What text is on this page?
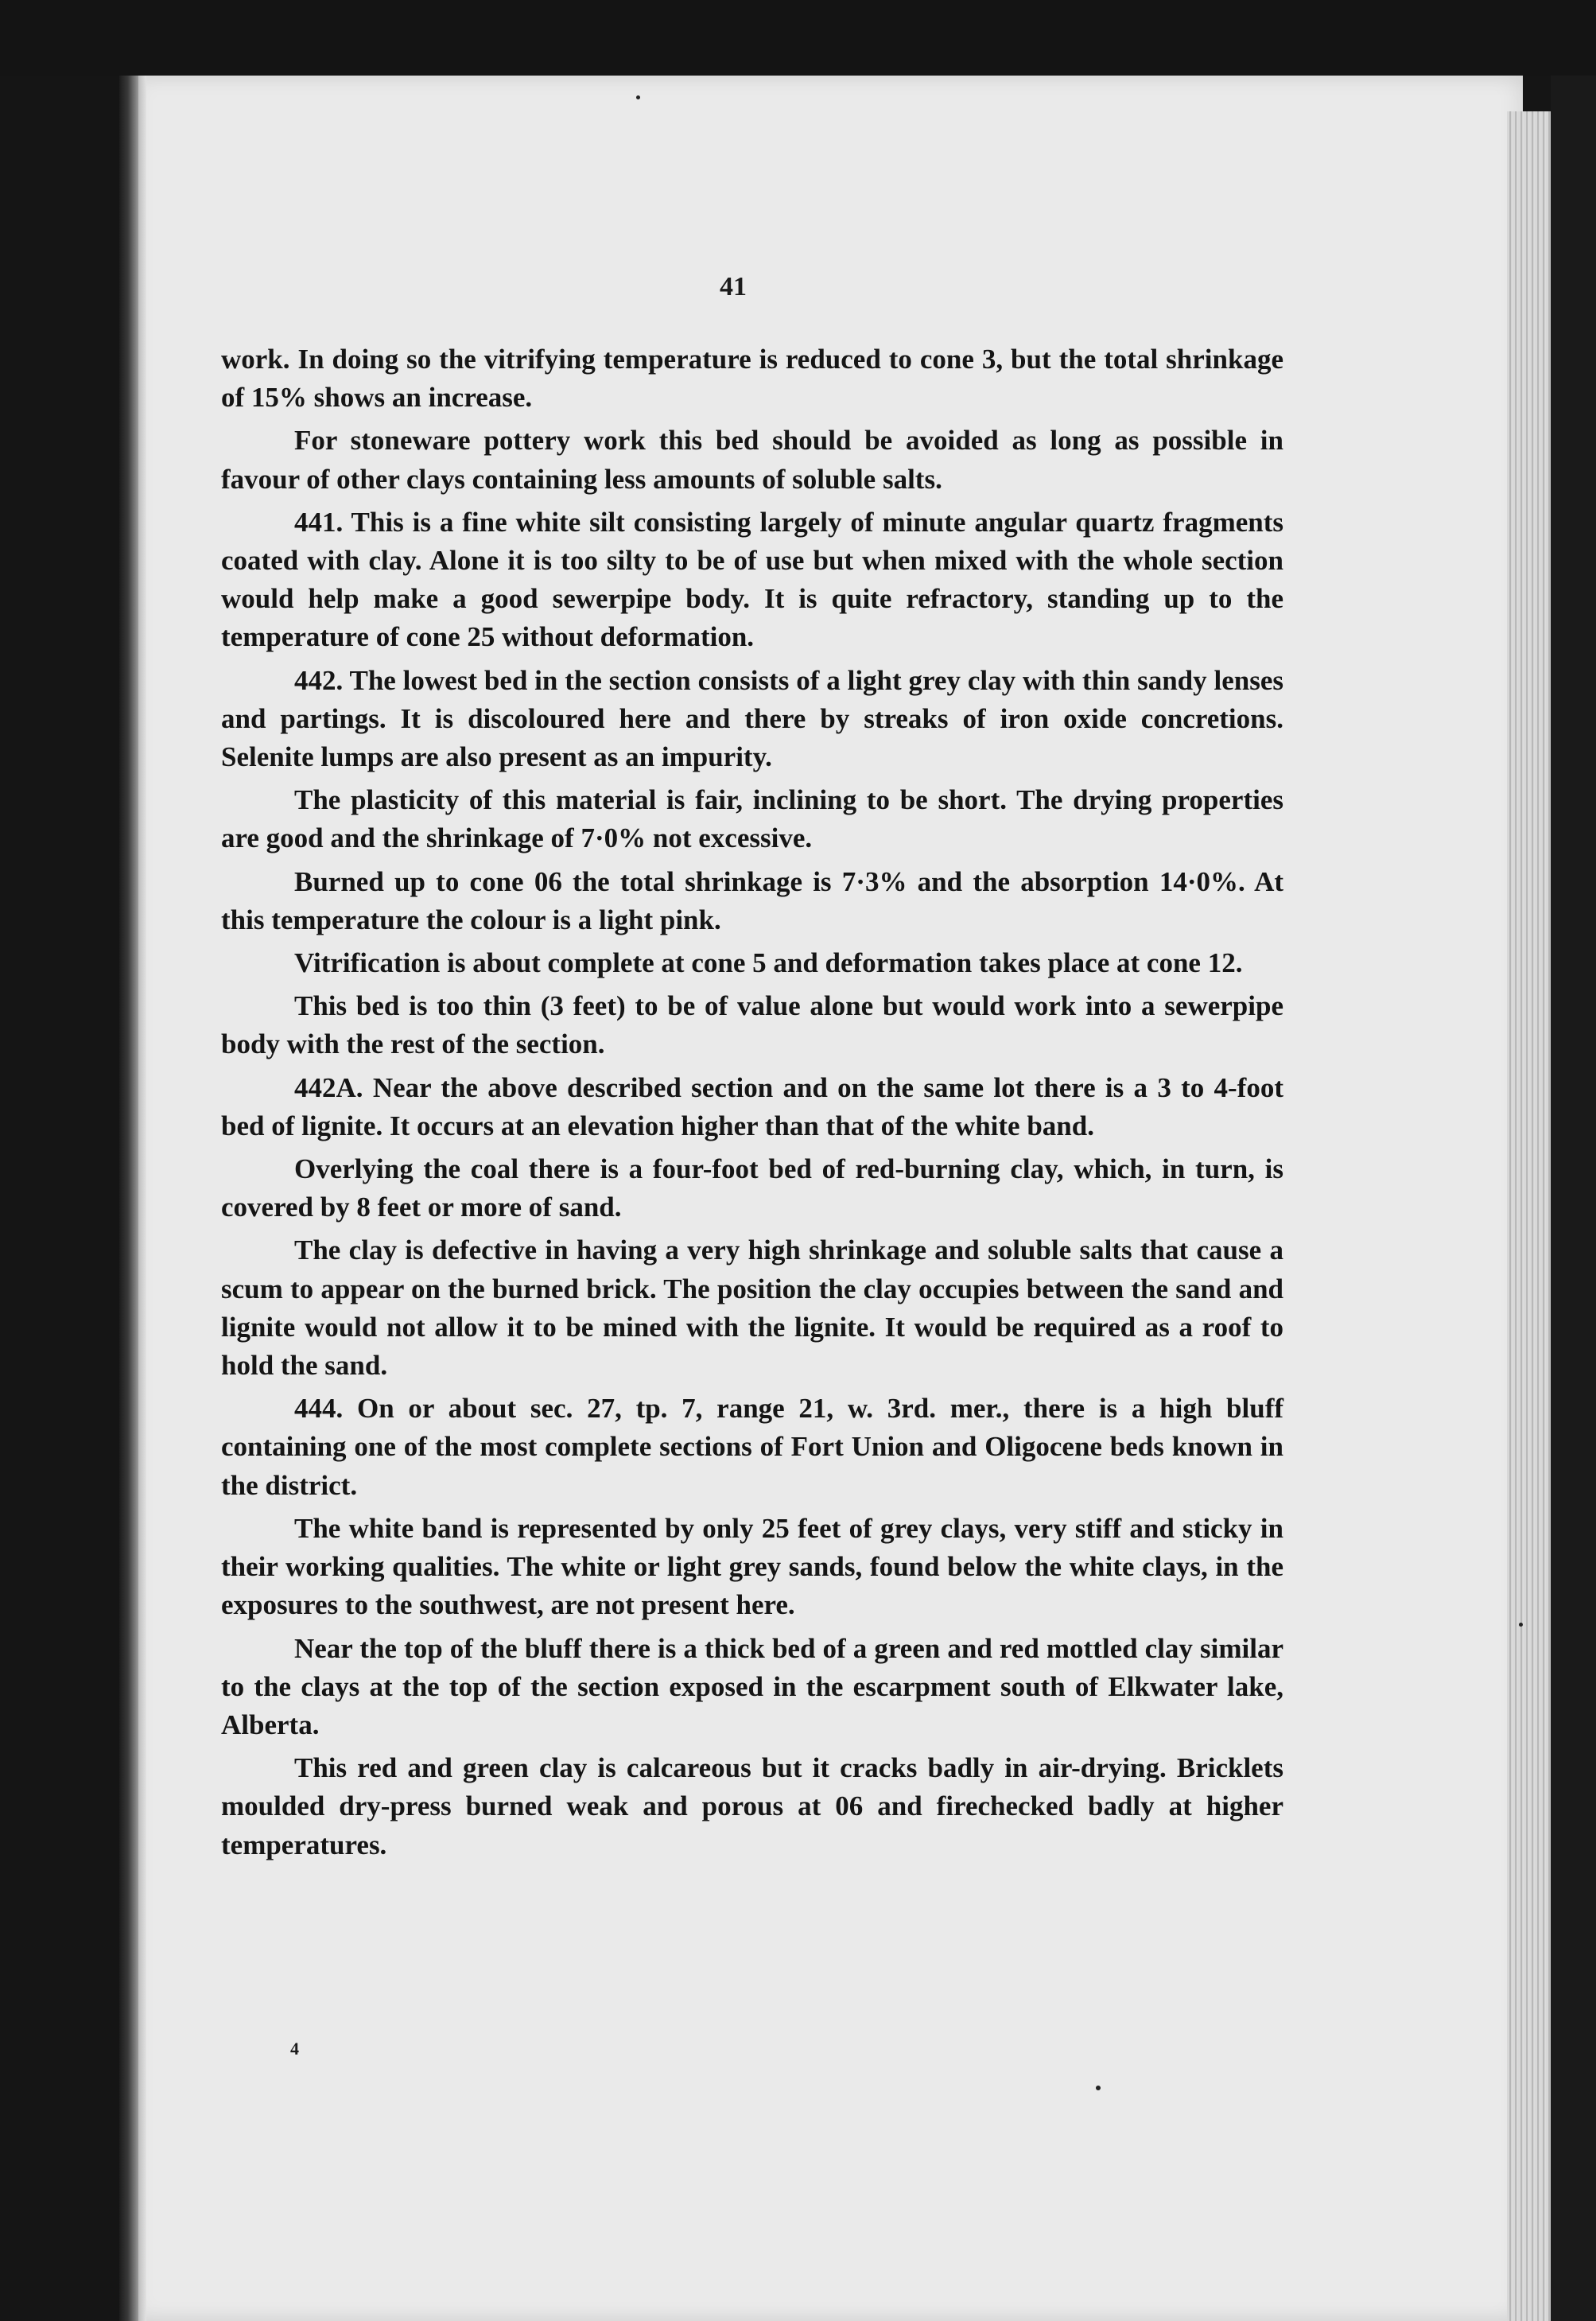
41

work. In doing so the vitrifying temperature is reduced to cone 3, but the total shrinkage of 15% shows an increase.

For stoneware pottery work this bed should be avoided as long as possible in favour of other clays containing less amounts of soluble salts.

441. This is a fine white silt consisting largely of minute angular quartz fragments coated with clay. Alone it is too silty to be of use but when mixed with the whole section would help make a good sewerpipe body. It is quite refractory, standing up to the temperature of cone 25 without deformation.

442. The lowest bed in the section consists of a light grey clay with thin sandy lenses and partings. It is discoloured here and there by streaks of iron oxide concretions. Selenite lumps are also present as an impurity.

The plasticity of this material is fair, inclining to be short. The drying properties are good and the shrinkage of 7·0% not excessive.

Burned up to cone 06 the total shrinkage is 7·3% and the absorption 14·0%. At this temperature the colour is a light pink.

Vitrification is about complete at cone 5 and deformation takes place at cone 12.

This bed is too thin (3 feet) to be of value alone but would work into a sewerpipe body with the rest of the section.

442A. Near the above described section and on the same lot there is a 3 to 4-foot bed of lignite. It occurs at an elevation higher than that of the white band.

Overlying the coal there is a four-foot bed of red-burning clay, which, in turn, is covered by 8 feet or more of sand.

The clay is defective in having a very high shrinkage and soluble salts that cause a scum to appear on the burned brick. The position the clay occupies between the sand and lignite would not allow it to be mined with the lignite. It would be required as a roof to hold the sand.

444. On or about sec. 27, tp. 7, range 21, w. 3rd. mer., there is a high bluff containing one of the most complete sections of Fort Union and Oligocene beds known in the district.

The white band is represented by only 25 feet of grey clays, very stiff and sticky in their working qualities. The white or light grey sands, found below the white clays, in the exposures to the southwest, are not present here.

Near the top of the bluff there is a thick bed of a green and red mottled clay similar to the clays at the top of the section exposed in the escarpment south of Elkwater lake, Alberta.

This red and green clay is calcareous but it cracks badly in air-drying. Bricklets moulded dry-press burned weak and porous at 06 and firechecked badly at higher temperatures.

4
